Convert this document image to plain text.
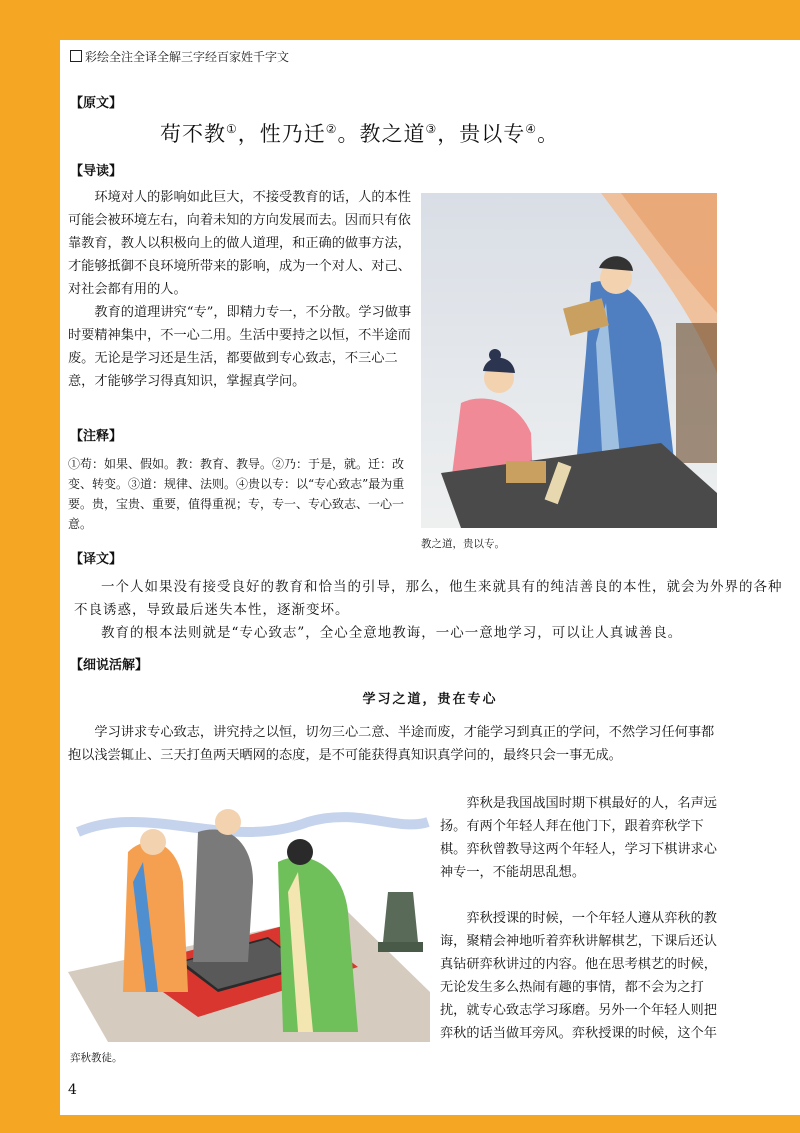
彩绘全注全译全解三字经百家姓千字文
【原文】
苟不教①，性乃迁②。教之道③，贵以专④。
【导读】
环境对人的影响如此巨大，不接受教育的话，人的本性可能会被环境左右，向着未知的方向发展而去。因而只有依靠教育，教人以积极向上的做人道理，和正确的做事方法，才能够抵御不良环境所带来的影响，成为一个对人、对己、对社会都有用的人。
教育的道理讲究“专”，即精力专一，不分散。学习做事时要精神集中，不一心二用。生活中要持之以恒，不半途而废。无论是学习还是生活，都要做到专心致志，不三心二意，才能够学习得真知识，掌握真学问。
【注释】
①苟：如果、假如。教：教育、教导。②乃：于是，就。迁：改变、转变。③道：规律、法则。④贵以专：以“专心致志”最为重要。贵，宝贵、重要，值得重视；专，专一、专心致志、一心一意。
教之道，贵以专。
【译文】
一个人如果没有接受良好的教育和恰当的引导，那么，他生来就具有的纯洁善良的本性，就会为外界的各种不良诱惑，导致最后迷失本性，逐渐变坏。
教育的根本法则就是“专心致志”，全心全意地教诲，一心一意地学习，可以让人真诚善良。
【细说活解】
学习之道，贵在专心
学习讲求专心致志，讲究持之以恒，切勿三心二意、半途而废，才能学习到真正的学问，不然学习任何事都抱以浅尝辄止、三天打鱼两天晒网的态度，是不可能获得真知识真学问的，最终只会一事无成。
弈秋教徒。
弈秋是我国战国时期下棋最好的人，名声远扬。有两个年轻人拜在他门下，跟着弈秋学下棋。弈秋曾教导这两个年轻人，学习下棋讲求心神专一，不能胡思乱想。
弈秋授课的时候，一个年轻人遵从弈秋的教诲，聚精会神地听着弈秋讲解棋艺，下课后还认真钻研弈秋讲过的内容。他在思考棋艺的时候，无论发生多么热闹有趣的事情，都不会为之打扰，就专心致志学习琢磨。另外一个年轻人则把弈秋的话当做耳旁风。弈秋授课的时候，这个年
4
